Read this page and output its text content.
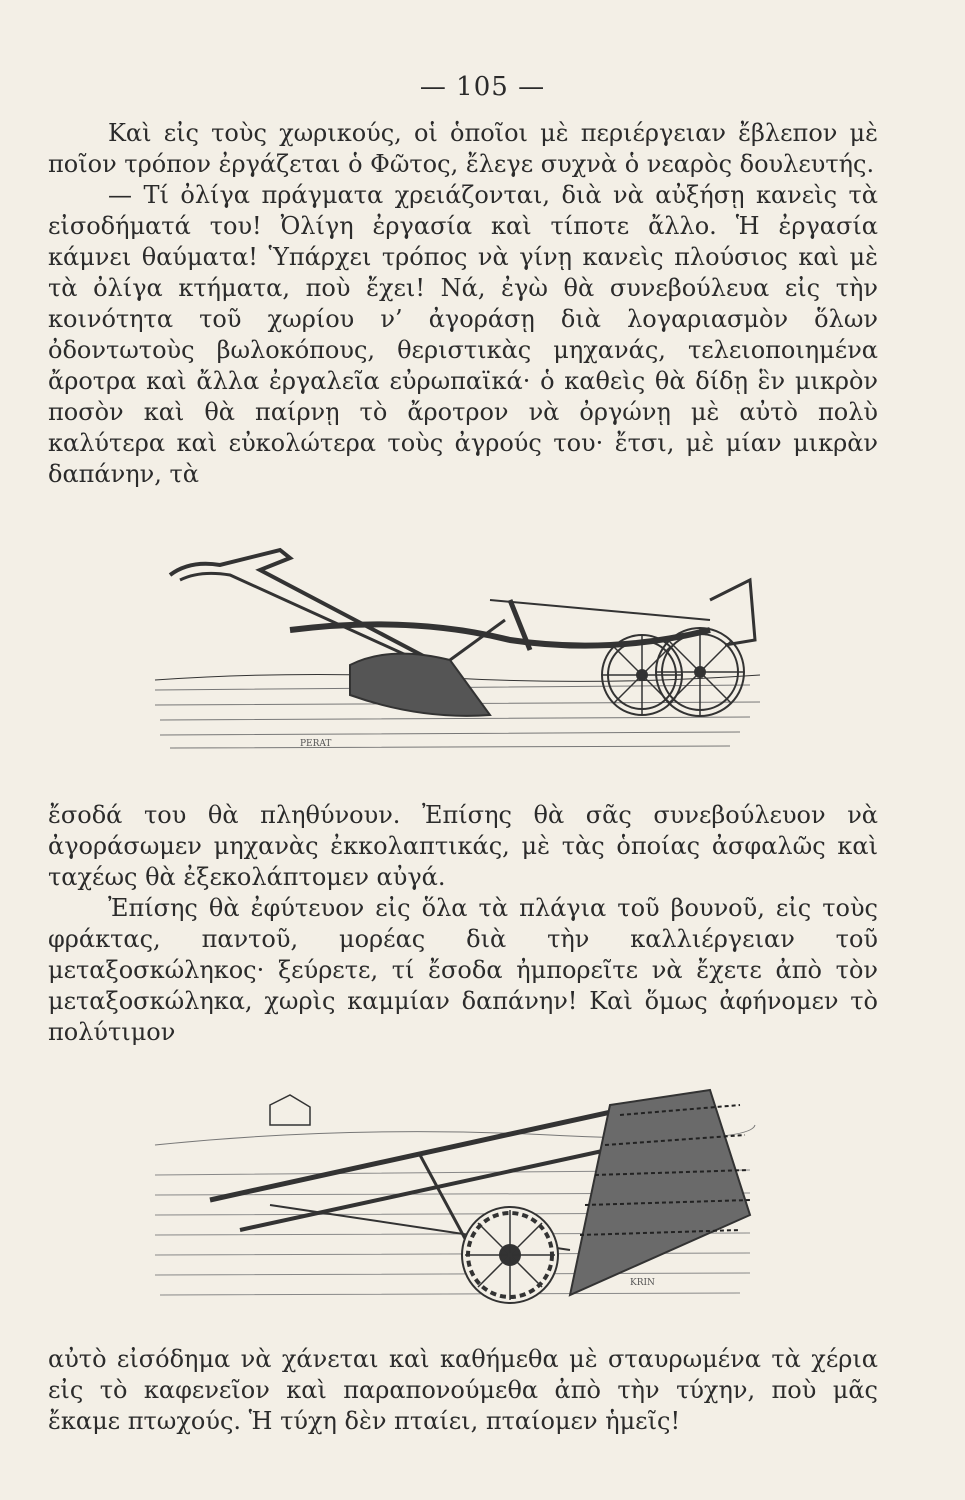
— 105 —

Καὶ εἰς τοὺς χωρικούς, οἱ ὁποῖοι μὲ περιέργειαν ἔβλεπον μὲ ποῖον τρόπον ἐργάζεται ὁ Φῶτος, ἔλεγε συχνὰ ὁ νεαρὸς δουλευτής.

— Τί ὀλίγα πράγματα χρειάζονται, διὰ νὰ αὐξήσῃ κανεὶς τὰ εἰσοδήματά του! Ὀλίγη ἐργασία καὶ τίποτε ἄλλο. Ἡ ἐργασία κάμνει θαύματα! Ὑπάρχει τρόπος νὰ γίνῃ κανεὶς πλούσιος καὶ μὲ τὰ ὀλίγα κτήματα, ποὺ ἔχει! Νά, ἐγὼ θὰ συνεβούλευα εἰς τὴν κοινότητα τοῦ χωρίου ν’ ἀγοράσῃ διὰ λογαριασμὸν ὅλων ὀδοντωτοὺς βωλοκόπους, θεριστικὰς μηχανάς, τελειοποιημένα ἄροτρα καὶ ἄλλα ἐργαλεῖα εὐρωπαϊκά· ὁ καθεὶς θὰ δίδῃ ἓν μικρὸν ποσὸν καὶ θὰ παίρνῃ τὸ ἄροτρον νὰ ὀργώνῃ μὲ αὐτὸ πολὺ καλύτερα καὶ εὐκολώτερα τοὺς ἀγρούς του· ἔτσι, μὲ μίαν μικρὰν δαπάνην, τὰ

PERAT

ἔσοδά του θὰ πληθύνουν. Ἐπίσης θὰ σᾶς συνεβούλευον νὰ ἀγοράσωμεν μηχανὰς ἐκκολαπτικάς, μὲ τὰς ὁποίας ἀσφαλῶς καὶ ταχέως θὰ ἐξεκολάπτομεν αὐγά.

Ἐπίσης θὰ ἐφύτευον εἰς ὅλα τὰ πλάγια τοῦ βουνοῦ, εἰς τοὺς φράκτας, παντοῦ, μορέας διὰ τὴν καλλιέργειαν τοῦ μεταξοσκώληκος· ξεύρετε, τί ἔσοδα ἠμπορεῖτε νὰ ἔχετε ἀπὸ τὸν μεταξοσκώληκα, χωρὶς καμμίαν δαπάνην! Καὶ ὅμως ἀφήνομεν τὸ πολύτιμον

KRIN

αὐτὸ εἰσόδημα νὰ χάνεται καὶ καθήμεθα μὲ σταυρωμένα τὰ χέρια εἰς τὸ καφενεῖον καὶ παραπονούμεθα ἀπὸ τὴν τύχην, ποὺ μᾶς ἔκαμε πτωχούς. Ἡ τύχη δὲν πταίει, πταίομεν ἡμεῖς!
